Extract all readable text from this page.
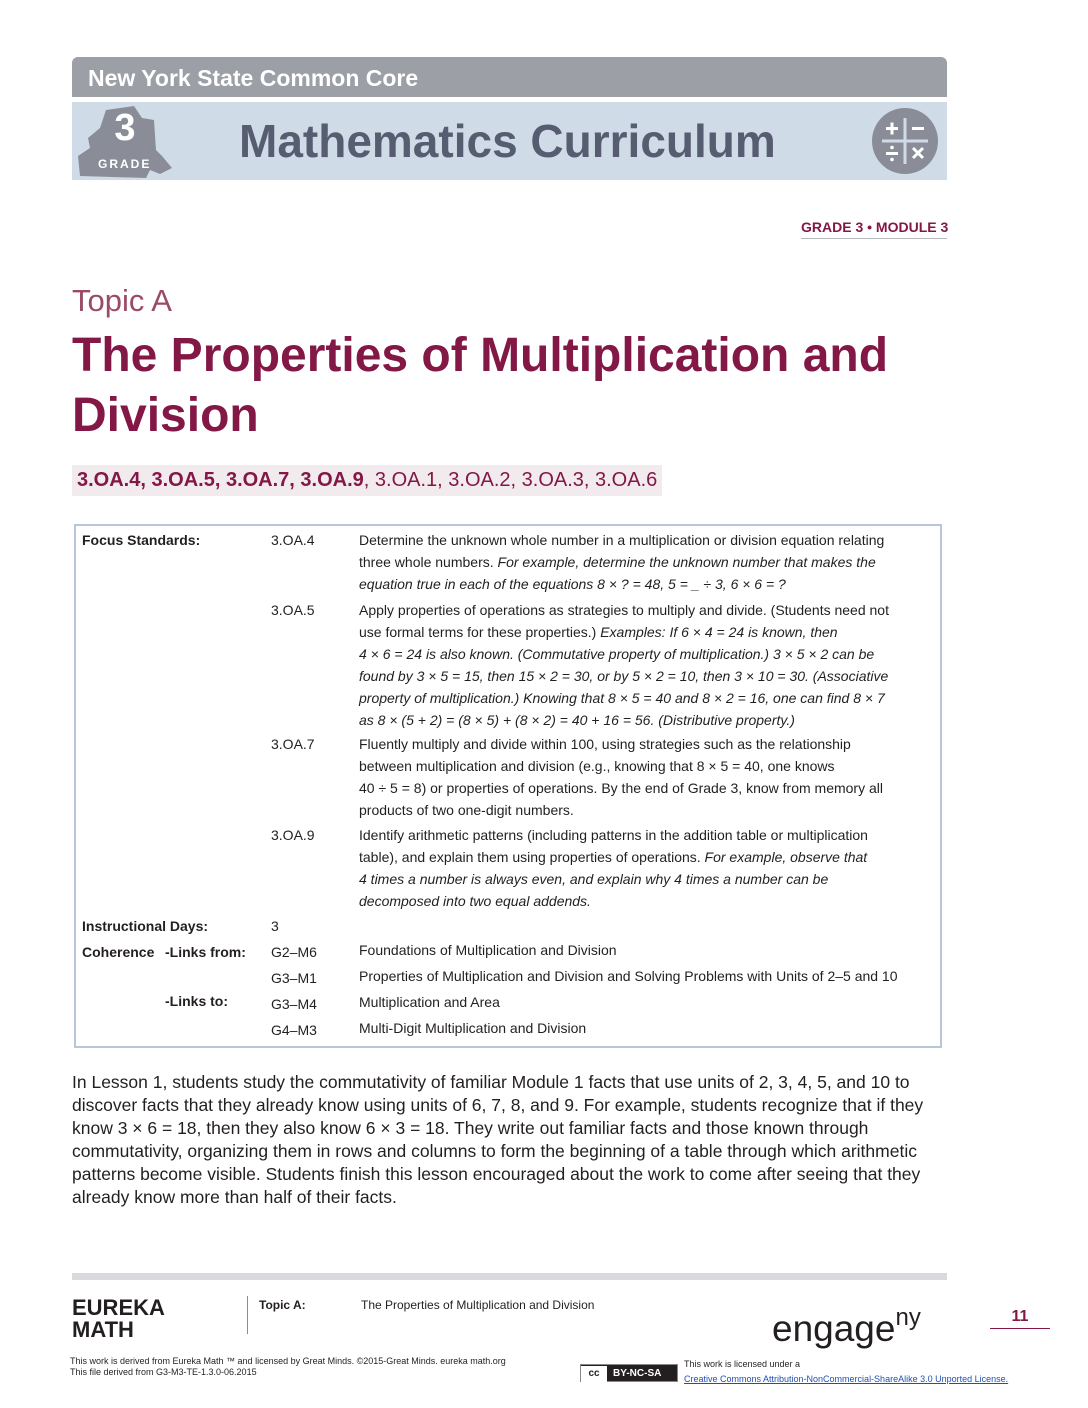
New York State Common Core
3
GRADE Mathematics Curriculum
GRADE 3 • MODULE 3
Topic A
The Properties of Multiplication and Division
3.OA.4, 3.OA.5, 3.OA.7, 3.OA.9, 3.OA.1, 3.OA.2, 3.OA.3, 3.OA.6
Focus Standards:	3.OA.4	Determine the unknown whole number in a multiplication or division equation relating
three whole numbers. For example, determine the unknown number that makes the
equation true in each of the equations 8 × ? = 48, 5 = _ ÷ 3, 6 × 6 = ?
3.OA.5	Apply properties of operations as strategies to multiply and divide. (Students need not
use formal terms for these properties.) Examples: If 6 × 4 = 24 is known, then
4 × 6 = 24 is also known. (Commutative property of multiplication.) 3 × 5 × 2 can be
found by 3 × 5 = 15, then 15 × 2 = 30, or by 5 × 2 = 10, then 3 × 10 = 30. (Associative
property of multiplication.) Knowing that 8 × 5 = 40 and 8 × 2 = 16, one can find 8 × 7
as 8 × (5 + 2) = (8 × 5) + (8 × 2) = 40 + 16 = 56. (Distributive property.)
3.OA.7	Fluently multiply and divide within 100, using strategies such as the relationship
between multiplication and division (e.g., knowing that 8 × 5 = 40, one knows
40 ÷ 5 = 8) or properties of operations. By the end of Grade 3, know from memory all
products of two one-digit numbers.
3.OA.9	Identify arithmetic patterns (including patterns in the addition table or multiplication
table), and explain them using properties of operations. For example, observe that
4 times a number is always even, and explain why 4 times a number can be
decomposed into two equal addends.
Instructional Days:	3
Coherence -Links from: G2–M6	Foundations of Multiplication and Division
G3–M1	Properties of Multiplication and Division and Solving Problems with Units of 2–5 and 10
-Links to:	G3–M4	Multiplication and Area
G4–M3	Multi-Digit Multiplication and Division
In Lesson 1, students study the commutativity of familiar Module 1 facts that use units of 2, 3, 4, 5, and 10 to discover facts that they already know using units of 6, 7, 8, and 9. For example, students recognize that if they know 3 × 6 = 18, then they also know 6 × 3 = 18. They write out familiar facts and those known through commutativity, organizing them in rows and columns to form the beginning of a table through which arithmetic patterns become visible. Students finish this lesson encouraged about the work to come after seeing that they already know more than half of their facts.
EUREKA
MATH
Topic A:	The Properties of Multiplication and Division
engage$^{ny}$	11
This work is derived from Eureka Math ™ and licensed by Great Minds. ©2015-Great Minds. eureka math.org
This file derived from G3-M3-TE-1.3.0-06.2015	cc BY-NC-SA
This work is licensed under a
Creative Commons Attribution-NonCommercial-ShareAlike 3.0 Unported License.
